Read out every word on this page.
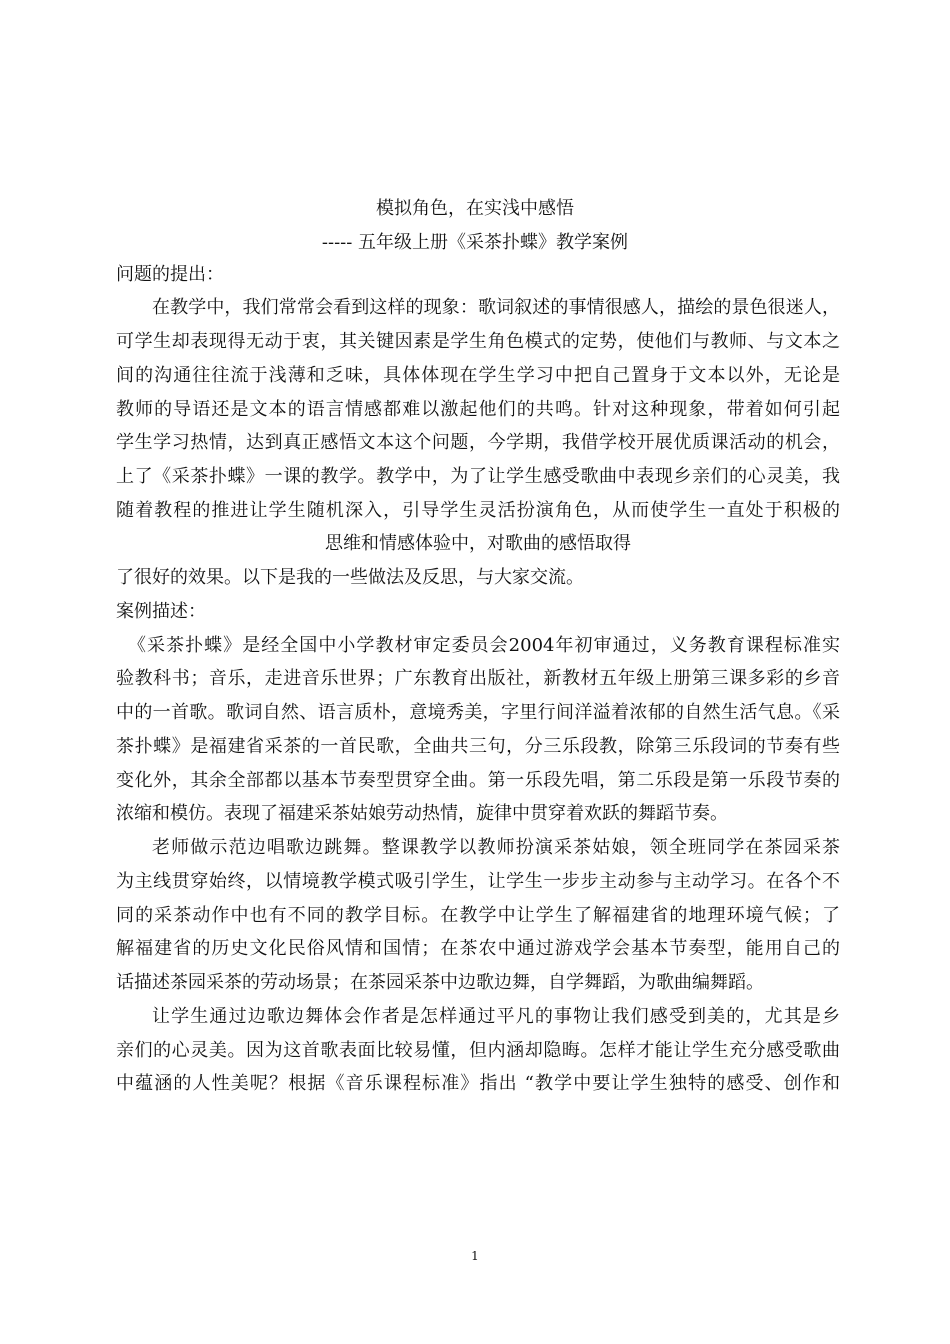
模拟角色，在实浅中感悟
----- 五年级上册《采茶扑蝶》教学案例
问题的提出：
在教学中，我们常常会看到这样的现象：歌词叙述的事情很感人，描绘的景色很迷人，
可学生却表现得无动于衷，其关键因素是学生角色模式的定势，使他们与教师、与文本之
间的沟通往往流于浅薄和乏味，具体体现在学生学习中把自己置身于文本以外，无论是
教师的导语还是文本的语言情感都难以激起他们的共鸣。针对这种现象，带着如何引起
学生学习热情，达到真正感悟文本这个问题，今学期，我借学校开展优质课活动的机会，
上了《采茶扑蝶》一课的教学。教学中，为了让学生感受歌曲中表现乡亲们的心灵美，我
随着教程的推进让学生随机深入，引导学生灵活扮演角色，从而使学生一直处于积极的
思维和情感体验中，对歌曲的感悟取得
了很好的效果。以下是我的一些做法及反思，与大家交流。
案例描述：
《采茶扑蝶》是经全国中小学教材审定委员会2004年初审通过，义务教育课程标准实
验教科书；音乐，走进音乐世界；广东教育出版社，新教材五年级上册第三课多彩的乡音
中的一首歌。歌词自然、语言质朴，意境秀美，字里行间洋溢着浓郁的自然生活气息。《采
茶扑蝶》是福建省采茶的一首民歌，全曲共三句，分三乐段教，除第三乐段词的节奏有些
变化外，其余全部都以基本节奏型贯穿全曲。第一乐段先唱，第二乐段是第一乐段节奏的
浓缩和模仿。表现了福建采茶姑娘劳动热情，旋律中贯穿着欢跃的舞蹈节奏。
老师做示范边唱歌边跳舞。整课教学以教师扮演采茶姑娘，领全班同学在茶园采茶
为主线贯穿始终，以情境教学模式吸引学生，让学生一步步主动参与主动学习。在各个不
同的采茶动作中也有不同的教学目标。在教学中让学生了解福建省的地理环境气候；了
解福建省的历史文化民俗风情和国情；在茶农中通过游戏学会基本节奏型，能用自己的
话描述茶园采茶的劳动场景；在茶园采茶中边歌边舞，自学舞蹈，为歌曲编舞蹈。
让学生通过边歌边舞体会作者是怎样通过平凡的事物让我们感受到美的，尤其是乡
亲们的心灵美。因为这首歌表面比较易懂，但内涵却隐晦。怎样才能让学生充分感受歌曲
中蕴涵的人性美呢？根据《音乐课程标准》指出 “教学中要让学生独特的感受、创作和
1
